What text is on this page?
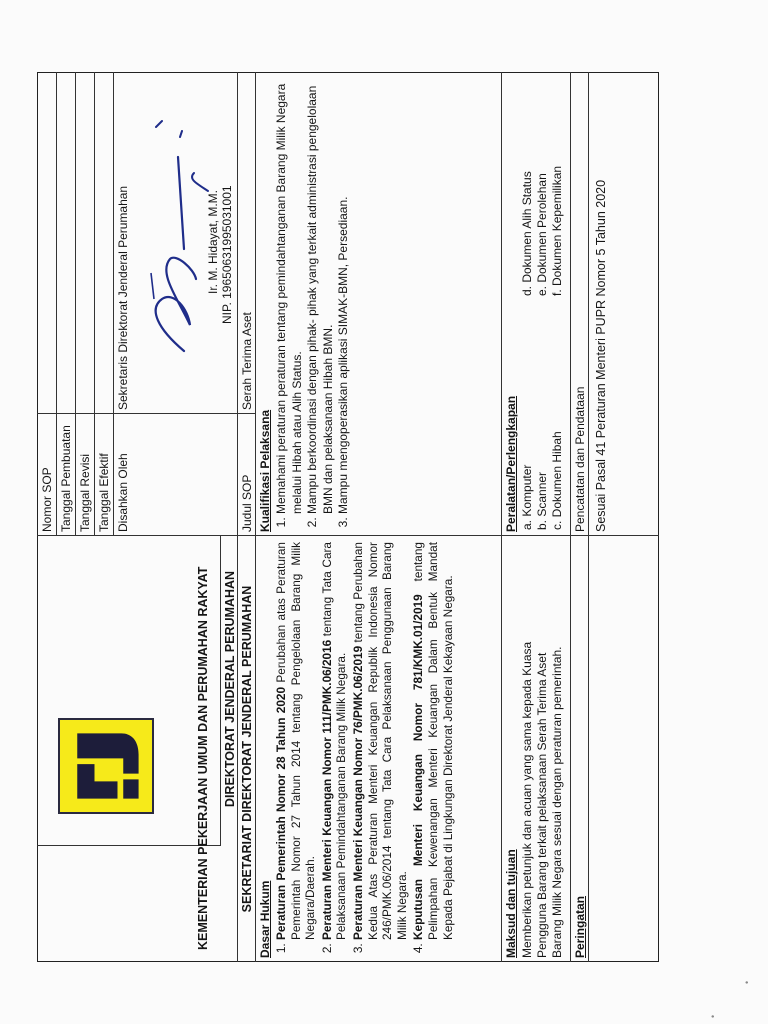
KEMENTERIAN PEKERJAAN UMUM DAN PERUMAHAN RAKYAT DIREKTORAT JENDERAL PERUMAHAN SEKRETARIAT DIREKTORAT JENDERAL PERUMAHAN
Nomor SOP Tanggal Pembuatan Tanggal Revisi Tanggal Efektif Disahkan Oleh
Sekretaris Direktorat Jenderal Perumahan	Ir. M. Hidayat, M.M. NIP. 196506319950310​01
Judul SOP
Serah Terima Aset
Dasar Hukum 1. Peraturan Pemerintah Nomor 28 Tahun 2020 Perubahan atas Peraturan Pemerintah Nomor 27 Tahun 2014 tentang Pengelolaan Barang Milik Negara/Daerah. 2. Peraturan Menteri Keuangan Nomor 111/PMK.06/2016 tentang Tata Cara Pelaksanaan Pemindahtanganan Barang Milik Negara. 3. Peraturan Menteri Keuangan Nomor 76/PMK.06/2019 tentang Perubahan Kedua Atas Peraturan Menteri Keuangan Republik Indonesia Nomor 246/PMK.06/2014 tentang Tata Cara Pelaksanaan Penggunaan Barang Milik Negara. 4. Keputusan Menteri Keuangan Nomor 781/KMK.01/2019 tentang Pelimpahan Kewenangan Menteri Keuangan Dalam Bentuk Mandat Kepada Pejabat di Lingkungan Direktorat Jenderal Kekayaan Negara.
Kualifikasi Pelaksana 1. Memahami peraturan peraturan tentang pemindahtanganan Barang Milik Negara melalui Hibah atau Alih Status. 2. Mampu berkoordinasi dengan pihak- pihak yang terkait administrasi pengelolaan BMN dan pelaksanaan Hibah BMN. 3. Mampu mengoperasikan aplikasi SIMAK-BMN, Persediaan.
Maksud dan tujuan Memberikan petunjuk dan acuan yang sama kepada Kuasa Pengguna Barang terkait pelaksanaan Serah Terima Aset Barang Milik Negara sesuai dengan peraturan pemerintah.
Peralatan/Perlengkapan a. Komputer b. Scanner c. Dokumen Hibah
d. Dokumen Alih Status e. Dokumen Perolehan f. Dokumen Kepemilikan
Peringatan
Pencatatan dan Pendataan Sesuai Pasal 41 Peraturan Menteri PUPR Nomor 5 Tahun 2020
•
•
